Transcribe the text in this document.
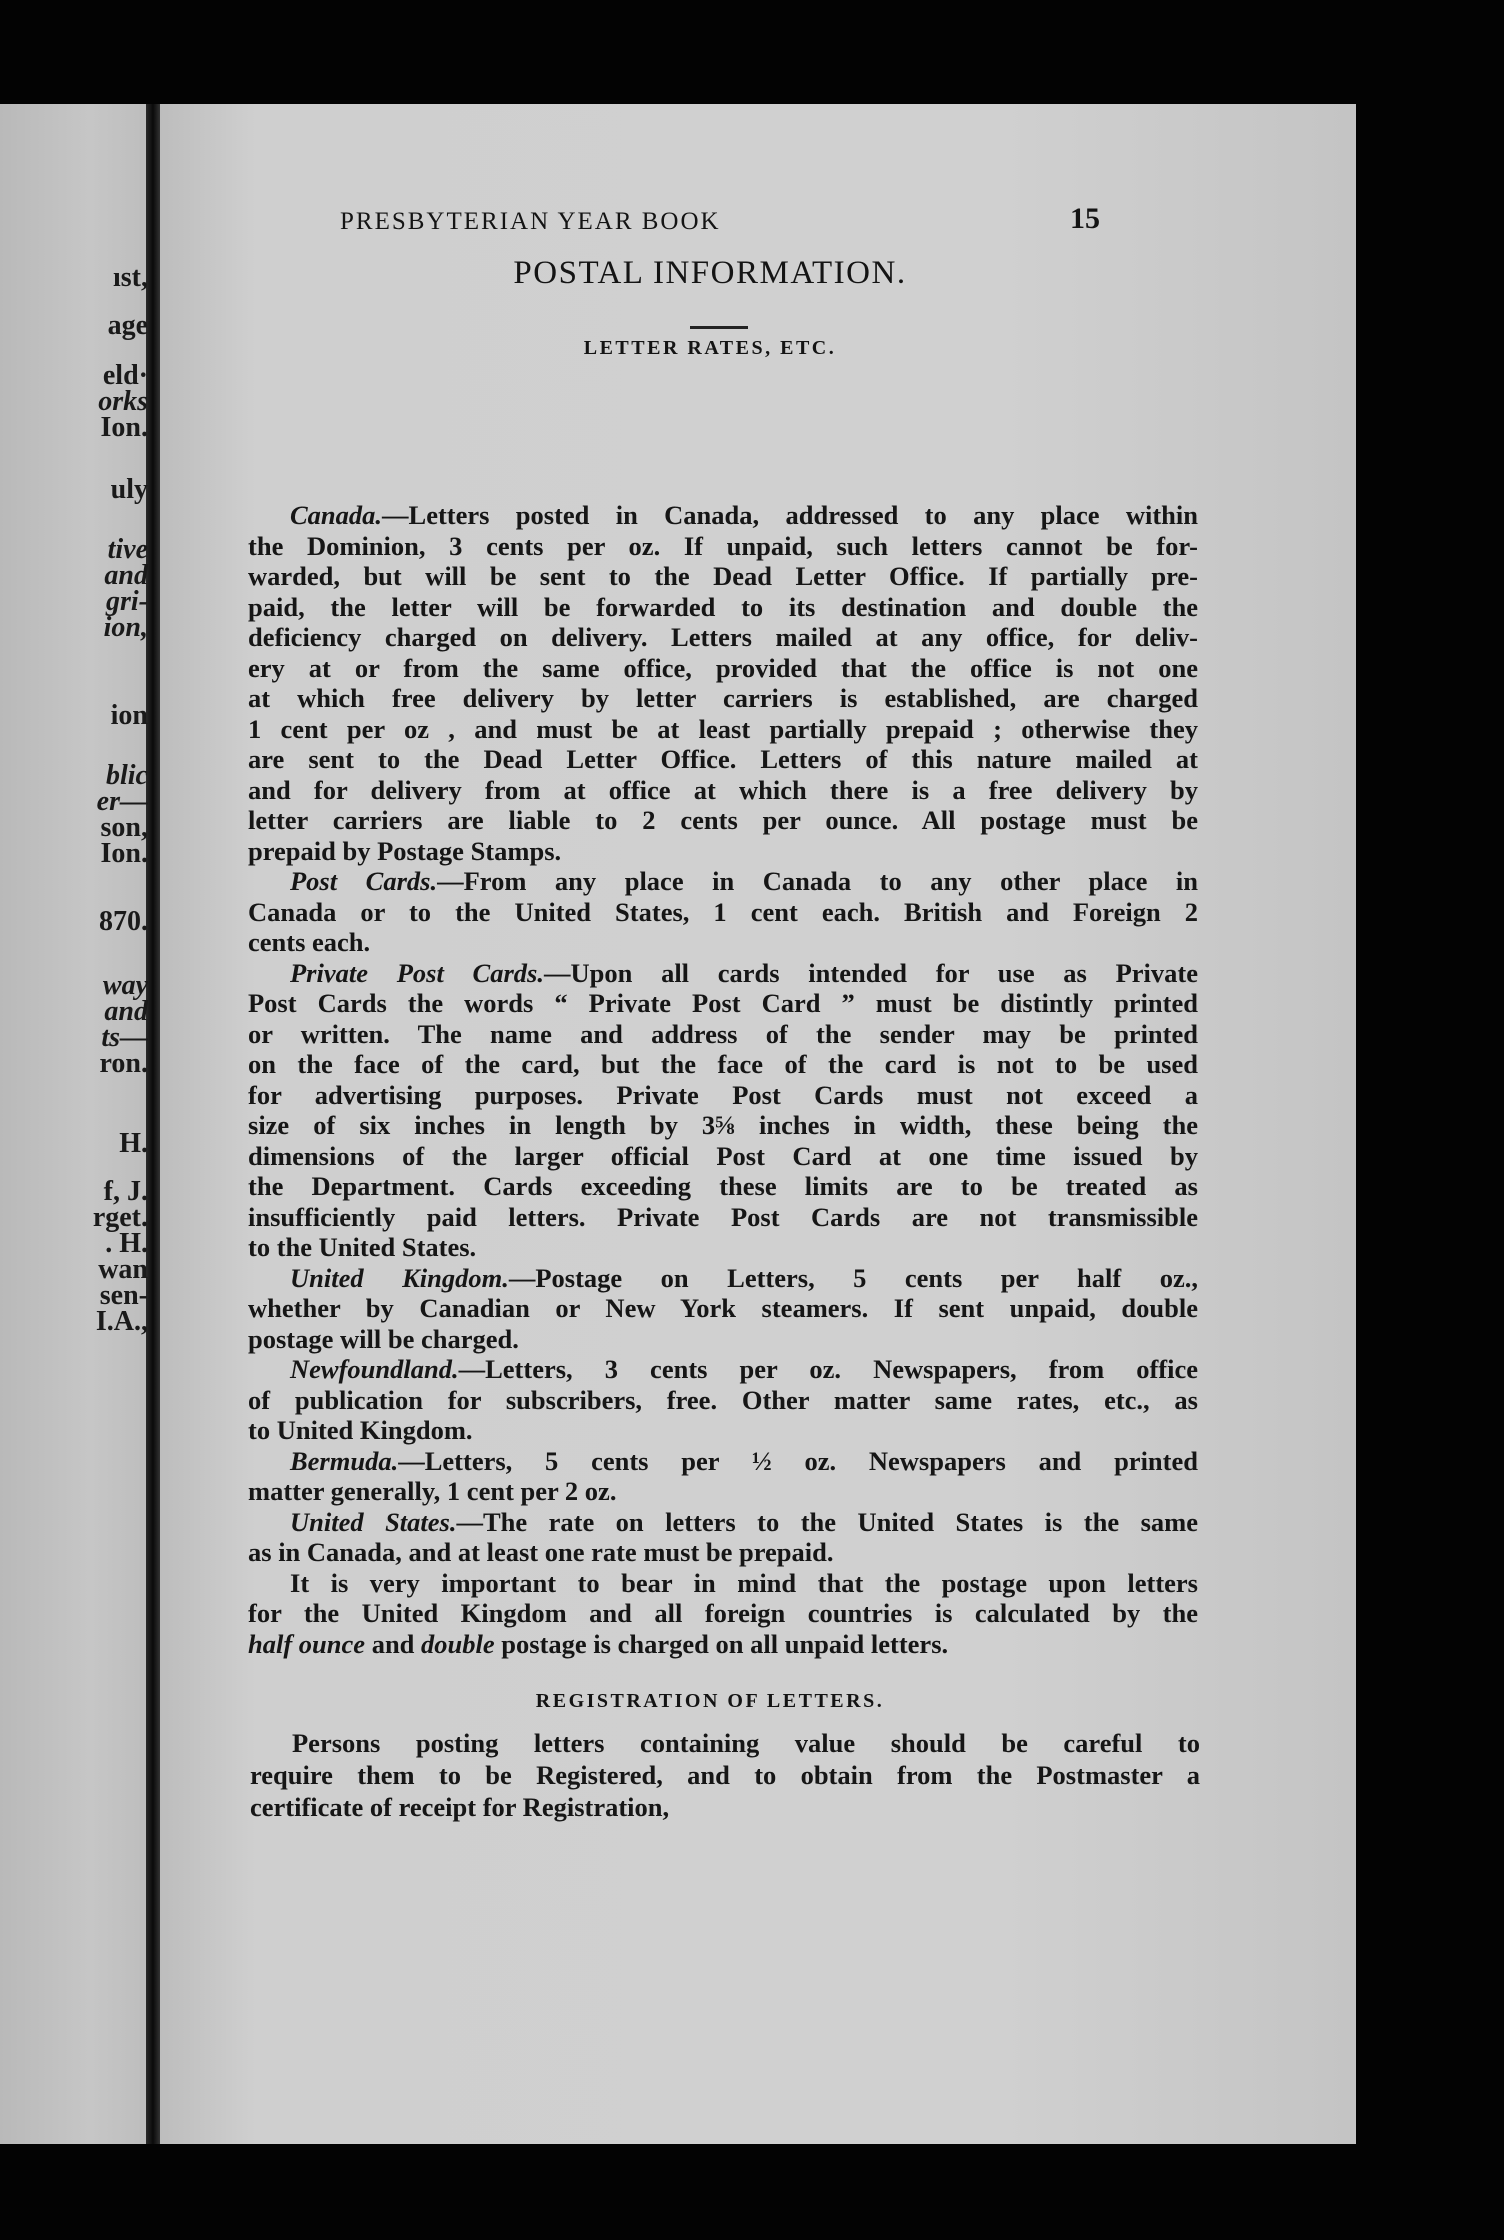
ıst,
age
eld·
orks
Ion.
uly
tive
and
gri-
ion,
ion
blic
er—
son,
Ion.
870.
way
and
ts—
ron.
H.
f, J.
rget.
. H.
wan
sen-
I.A.,
PRESBYTERIAN YEAR BOOK	15
POSTAL INFORMATION.
LETTER RATES, ETC.
Canada.—Letters posted in Canada, addressed to any place within
the Dominion, 3 cents per oz. If unpaid, such letters cannot be for-
warded, but will be sent to the Dead Letter Office. If partially pre-
paid, the letter will be forwarded to its destination and double the
deficiency charged on delivery. Letters mailed at any office, for deliv-
ery at or from the same office, provided that the office is not one
at which free delivery by letter carriers is established, are charged
1 cent per oz , and must be at least partially prepaid ; otherwise they
are sent to the Dead Letter Office. Letters of this nature mailed at
and for delivery from at office at which there is a free delivery by
letter carriers are liable to 2 cents per ounce. All postage must be
prepaid by Postage Stamps.
Post Cards.—From any place in Canada to any other place in
Canada or to the United States, 1 cent each. British and Foreign 2
cents each.
Private Post Cards.—Upon all cards intended for use as Private
Post Cards the words “ Private Post Card ” must be distintly printed
or written. The name and address of the sender may be printed
on the face of the card, but the face of the card is not to be used
for advertising purposes. Private Post Cards must not exceed a
size of six inches in length by 3⅝ inches in width, these being the
dimensions of the larger official Post Card at one time issued by
the Department. Cards exceeding these limits are to be treated as
insufficiently paid letters. Private Post Cards are not transmissible
to the United States.
United Kingdom.—Postage on Letters, 5 cents per half oz.,
whether by Canadian or New York steamers. If sent unpaid, double
postage will be charged.
Newfoundland.—Letters, 3 cents per oz. Newspapers, from office
of publication for subscribers, free. Other matter same rates, etc., as
to United Kingdom.
Bermuda.—Letters, 5 cents per ½ oz. Newspapers and printed
matter generally, 1 cent per 2 oz.
United States.—The rate on letters to the United States is the same
as in Canada, and at least one rate must be prepaid.
It is very important to bear in mind that the postage upon letters
for the United Kingdom and all foreign countries is calculated by the
half ounce and double postage is charged on all unpaid letters.
REGISTRATION OF LETTERS.
Persons posting letters containing value should be careful to
require them to be Registered, and to obtain from the Postmaster a
certificate of receipt for Registration,
